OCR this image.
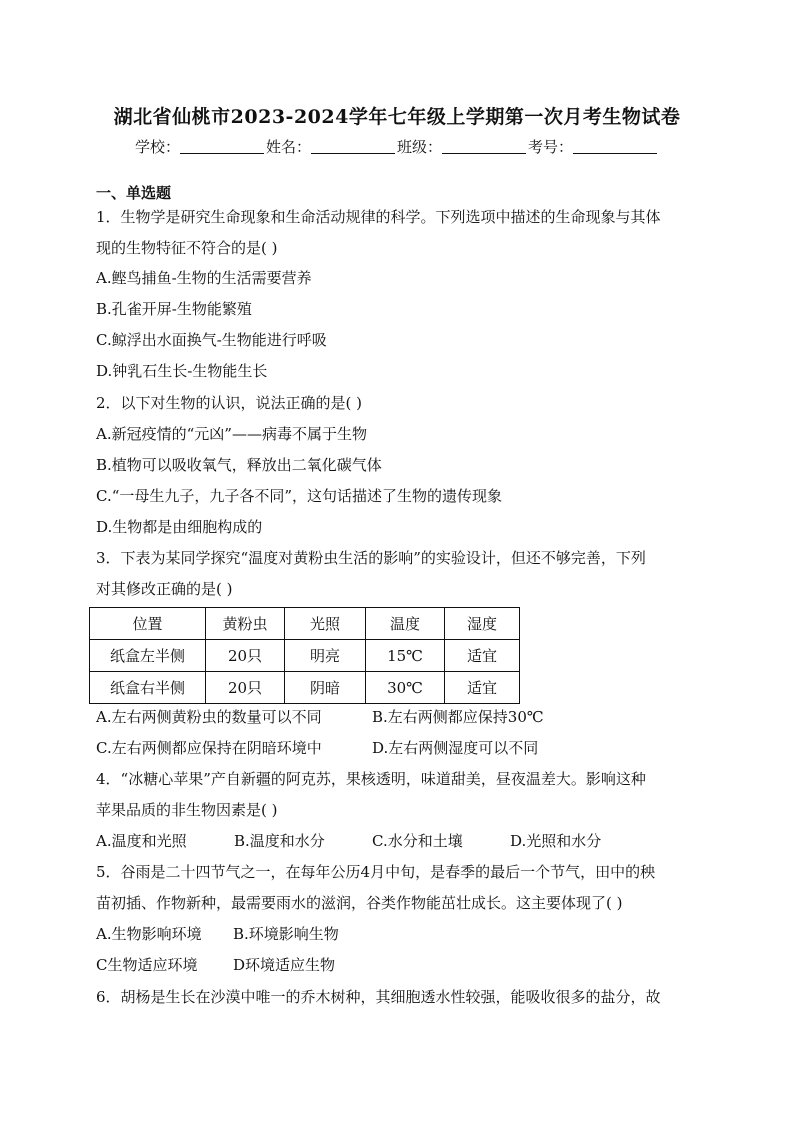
湖北省仙桃市2023-2024学年七年级上学期第一次月考生物试卷
学校：	姓名：	班级：	考号：
一、单选题
1．生物学是研究生命现象和生命活动规律的科学。下列选项中描述的生命现象与其体
现的生物特征不符合的是( )
A.鲣鸟捕鱼-生物的生活需要营养
B.孔雀开屏-生物能繁殖
C.鲸浮出水面换气-生物能进行呼吸
D.钟乳石生长-生物能生长
2．以下对生物的认识，说法正确的是( )
A.新冠疫情的“元凶”——病毒不属于生物
B.植物可以吸收氧气，释放出二氧化碳气体
C.“一母生九子，九子各不同”，这句话描述了生物的遗传现象
D.生物都是由细胞构成的
3．下表为某同学探究“温度对黄粉虫生活的影响”的实验设计，但还不够完善，下列
对其修改正确的是( )
位置	黄粉虫	光照	温度	湿度
纸盒左半侧	20只	明亮	15℃	适宜
纸盒右半侧	20只	阴暗	30℃	适宜
A.左右两侧黄粉虫的数量可以不同	B.左右两侧都应保持30℃
C.左右两侧都应保持在阴暗环境中	D.左右两侧湿度可以不同
4．“冰糖心苹果”产自新疆的阿克苏，果核透明，味道甜美，昼夜温差大。影响这种
苹果品质的非生物因素是( )
A.温度和光照	B.温度和水分	C.水分和土壤	D.光照和水分
5．谷雨是二十四节气之一，在每年公历4月中旬，是春季的最后一个节气，田中的秧
苗初插、作物新种，最需要雨水的滋润，谷类作物能茁壮成长。这主要体现了( )
A.生物影响环境 B.环境影响生物
C生物适应环境 D环境适应生物
6．胡杨是生长在沙漠中唯一的乔木树种，其细胞透水性较强，能吸收很多的盐分，故
